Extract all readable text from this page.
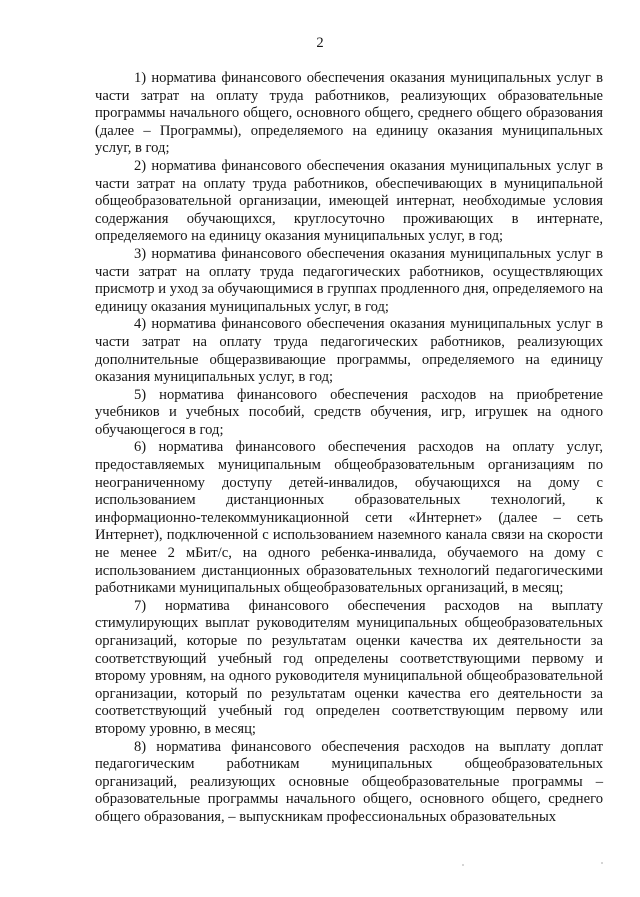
2

1) норматива финансового обеспечения оказания муниципальных услуг в части затрат на оплату труда работников, реализующих образовательные программы начального общего, основного общего, среднего общего образования (далее – Программы), определяемого на единицу оказания муниципальных услуг, в год;

2) норматива финансового обеспечения оказания муниципальных услуг в части затрат на оплату труда работников, обеспечивающих в муниципальной общеобразовательной организации, имеющей интернат, необходимые условия содержания обучающихся, круглосуточно проживающих в интернате, определяемого на единицу оказания муниципальных услуг, в год;

3) норматива финансового обеспечения оказания муниципальных услуг в части затрат на оплату труда педагогических работников, осуществляющих присмотр и уход за обучающимися в группах продленного дня, определяемого на единицу оказания муниципальных услуг, в год;

4) норматива финансового обеспечения оказания муниципальных услуг в части затрат на оплату труда педагогических работников, реализующих дополнительные общеразвивающие программы, определяемого на единицу оказания муниципальных услуг, в год;

5) норматива финансового обеспечения расходов на приобретение учебников и учебных пособий, средств обучения, игр, игрушек на одного обучающегося в год;

6) норматива финансового обеспечения расходов на оплату услуг, предоставляемых муниципальным общеобразовательным организациям по неограниченному доступу детей-инвалидов, обучающихся на дому с использованием дистанционных образовательных технологий, к информационно-телекоммуникационной сети «Интернет» (далее – сеть Интернет), подключенной с использованием наземного канала связи на скорости не менее 2 мБит/с, на одного ребенка-инвалида, обучаемого на дому с использованием дистанционных образовательных технологий педагогическими работниками муниципальных общеобразовательных организаций, в месяц;

7) норматива финансового обеспечения расходов на выплату стимулирующих выплат руководителям муниципальных общеобразовательных организаций, которые по результатам оценки качества их деятельности за соответствующий учебный год определены соответствующими первому и второму уровням, на одного руководителя муниципальной общеобразовательной организации, который по результатам оценки качества его деятельности за соответствующий учебный год определен соответствующим первому или второму уровню, в месяц;

8) норматива финансового обеспечения расходов на выплату доплат педагогическим работникам муниципальных общеобразовательных организаций, реализующих основные общеобразовательные программы – образовательные программы начального общего, основного общего, среднего общего образования, – выпускникам профессиональных образовательных
